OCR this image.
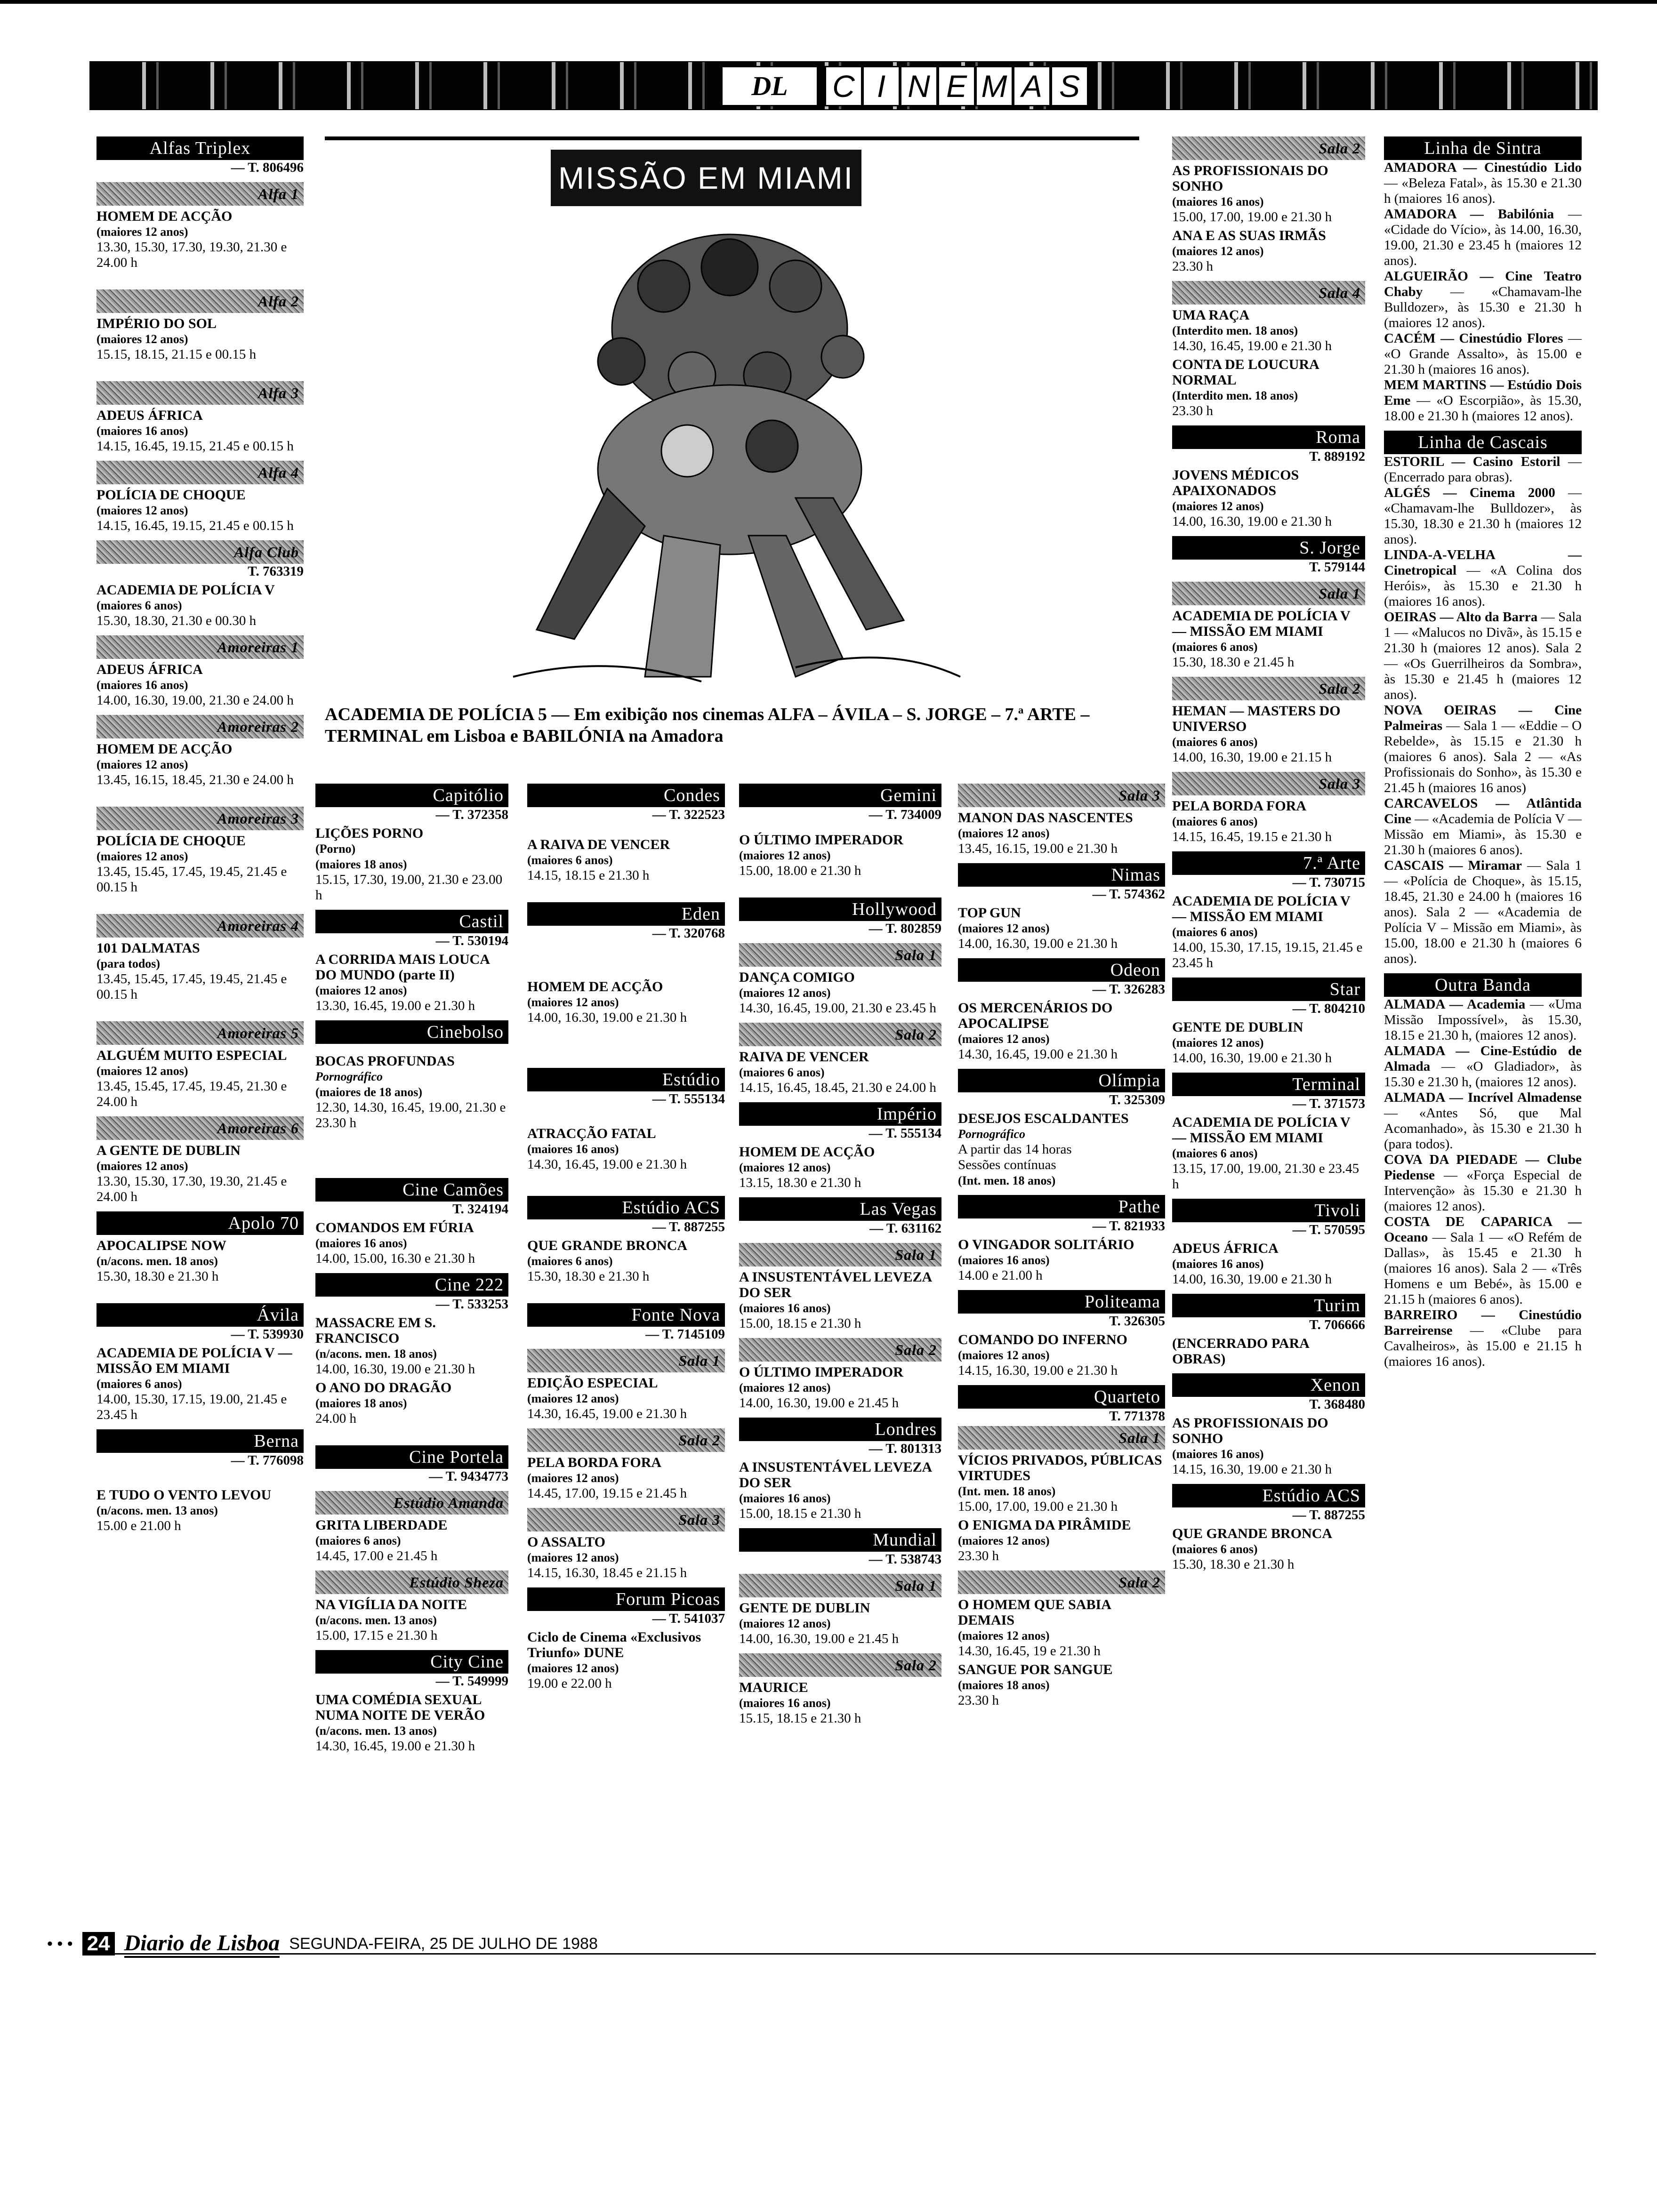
DL	C I N E M A S
Alfas Triplex
— T. 806496
Alfa 1
HOMEM DE ACÇÃO
(maiores 12 anos)
13.30, 15.30, 17.30, 19.30, 21.30 e 24.00 h
Alfa 2
IMPÉRIO DO SOL
(maiores 12 anos)
15.15, 18.15, 21.15 e 00.15 h
Alfa 3
ADEUS ÁFRICA
(maiores 16 anos)
14.15, 16.45, 19.15, 21.45 e 00.15 h
Alfa 4
POLÍCIA DE CHOQUE
(maiores 12 anos)
14.15, 16.45, 19.15, 21.45 e 00.15 h
Alfa Club
T. 763319
ACADEMIA DE POLÍCIA V
(maiores 6 anos)
15.30, 18.30, 21.30 e 00.30 h
Amoreiras 1
ADEUS ÁFRICA
(maiores 16 anos)
14.00, 16.30, 19.00, 21.30 e 24.00 h
Amoreiras 2
HOMEM DE ACÇÃO
(maiores 12 anos)
13.45, 16.15, 18.45, 21.30 e 24.00 h
Amoreiras 3
POLÍCIA DE CHOQUE
(maiores 12 anos)
13.45, 15.45, 17.45, 19.45, 21.45 e 00.15 h
Amoreiras 4
101 DALMATAS
(para todos)
13.45, 15.45, 17.45, 19.45, 21.45 e 00.15 h
Amoreiras 5
ALGUÉM MUITO ESPECIAL
(maiores 12 anos)
13.45, 15.45, 17.45, 19.45, 21.30 e 24.00 h
Amoreiras 6
A GENTE DE DUBLIN
(maiores 12 anos)
13.30, 15.30, 17.30, 19.30, 21.45 e 24.00 h
Apolo 70
APOCALIPSE NOW
(n/acons. men. 18 anos)
15.30, 18.30 e 21.30 h
Ávila
— T. 539930
ACADEMIA DE POLÍCIA V — MISSÃO EM MIAMI
(maiores 6 anos)
14.00, 15.30, 17.15, 19.00, 21.45 e 23.45 h
Berna
— T. 776098
E TUDO O VENTO LEVOU
(n/acons. men. 13 anos)
15.00 e 21.00 h
MISSÃO EM MIAMI
ACADEMIA DE POLÍCIA 5 — Em exibição nos cinemas ALFA – ÁVILA – S. JORGE – 7.ª ARTE – TERMINAL em Lisboa e BABILÓNIA na Amadora
Capitólio
— T. 372358
LIÇÕES PORNO
(Porno)
(maiores 18 anos)
15.15, 17.30, 19.00, 21.30 e 23.00 h
Castil
— T. 530194
A CORRIDA MAIS LOUCA DO MUNDO (parte II)
(maiores 12 anos)
13.30, 16.45, 19.00 e 21.30 h
Cinebolso
BOCAS PROFUNDAS
Pornográfico
(maiores de 18 anos)
12.30, 14.30, 16.45, 19.00, 21.30 e 23.30 h
Cine Camões
T. 324194
COMANDOS EM FÚRIA
(maiores 16 anos)
14.00, 15.00, 16.30 e 21.30 h
Cine 222
— T. 533253
MASSACRE EM S. FRANCISCO
(n/acons. men. 18 anos)
14.00, 16.30, 19.00 e 21.30 h
O ANO DO DRAGÃO
(maiores 18 anos)
24.00 h
Cine Portela
— T. 9434773
Estúdio Amanda
GRITA LIBERDADE
(maiores 6 anos)
14.45, 17.00 e 21.45 h
Estúdio Sheza
NA VIGÍLIA DA NOITE
(n/acons. men. 13 anos)
15.00, 17.15 e 21.30 h
City Cine
— T. 549999
UMA COMÉDIA SEXUAL NUMA NOITE DE VERÃO
(n/acons. men. 13 anos)
14.30, 16.45, 19.00 e 21.30 h
Condes
— T. 322523
A RAIVA DE VENCER
(maiores 6 anos)
14.15, 18.15 e 21.30 h
Eden
— T. 320768
HOMEM DE ACÇÃO
(maiores 12 anos)
14.00, 16.30, 19.00 e 21.30 h
Estúdio
— T. 555134
ATRACÇÃO FATAL
(maiores 16 anos)
14.30, 16.45, 19.00 e 21.30 h
Estúdio ACS
— T. 887255
QUE GRANDE BRONCA
(maiores 6 anos)
15.30, 18.30 e 21.30 h
Fonte Nova
— T. 7145109
Sala 1
EDIÇÃO ESPECIAL
(maiores 12 anos)
14.30, 16.45, 19.00 e 21.30 h
Sala 2
PELA BORDA FORA
(maiores 12 anos)
14.45, 17.00, 19.15 e 21.45 h
Sala 3
O ASSALTO
(maiores 12 anos)
14.15, 16.30, 18.45 e 21.15 h
Forum Picoas
— T. 541037
Ciclo de Cinema «Exclusivos Triunfo» DUNE
(maiores 12 anos)
19.00 e 22.00 h
Gemini
— T. 734009
O ÚLTIMO IMPERADOR
(maiores 12 anos)
15.00, 18.00 e 21.30 h
Hollywood
— T. 802859
Sala 1
DANÇA COMIGO
(maiores 12 anos)
14.30, 16.45, 19.00, 21.30 e 23.45 h
Sala 2
RAIVA DE VENCER
(maiores 6 anos)
14.15, 16.45, 18.45, 21.30 e 24.00 h
Império
— T. 555134
HOMEM DE ACÇÃO
(maiores 12 anos)
13.15, 18.30 e 21.30 h
Las Vegas
— T. 631162
Sala 1
A INSUSTENTÁVEL LEVEZA DO SER
(maiores 16 anos)
15.00, 18.15 e 21.30 h
Sala 2
O ÚLTIMO IMPERADOR
(maiores 12 anos)
14.00, 16.30, 19.00 e 21.45 h
Londres
— T. 801313
A INSUSTENTÁVEL LEVEZA DO SER
(maiores 16 anos)
15.00, 18.15 e 21.30 h
Mundial
— T. 538743
Sala 1
GENTE DE DUBLIN
(maiores 12 anos)
14.00, 16.30, 19.00 e 21.45 h
Sala 2
MAURICE
(maiores 16 anos)
15.15, 18.15 e 21.30 h
Sala 3
MANON DAS NASCENTES
(maiores 12 anos)
13.45, 16.15, 19.00 e 21.30 h
Nimas
— T. 574362
TOP GUN
(maiores 12 anos)
14.00, 16.30, 19.00 e 21.30 h
Odeon
— T. 326283
OS MERCENÁRIOS DO APOCALIPSE
(maiores 12 anos)
14.30, 16.45, 19.00 e 21.30 h
Olímpia
T. 325309
DESEJOS ESCALDANTES
Pornográfico
A partir das 14 horas
Sessões contínuas
(Int. men. 18 anos)
Pathe
— T. 821933
O VINGADOR SOLITÁRIO
(maiores 16 anos)
14.00 e 21.00 h
Politeama
T. 326305
COMANDO DO INFERNO
(maiores 12 anos)
14.15, 16.30, 19.00 e 21.30 h
Quarteto
T. 771378
Sala 1
VÍCIOS PRIVADOS, PÚBLICAS VIRTUDES
(Int. men. 18 anos)
15.00, 17.00, 19.00 e 21.30 h
O ENIGMA DA PIRÂMIDE
(maiores 12 anos)
23.30 h
Sala 2
O HOMEM QUE SABIA DEMAIS
(maiores 12 anos)
14.30, 16.45, 19 e 21.30 h
SANGUE POR SANGUE
(maiores 18 anos)
23.30 h
Sala 2
AS PROFISSIONAIS DO SONHO
(maiores 16 anos)
15.00, 17.00, 19.00 e 21.30 h
ANA E AS SUAS IRMÃS
(maiores 12 anos)
23.30 h
Sala 4
UMA RAÇA
(Interdito men. 18 anos)
14.30, 16.45, 19.00 e 21.30 h
CONTA DE LOUCURA NORMAL
(Interdito men. 18 anos)
23.30 h
Roma
T. 889192
JOVENS MÉDICOS APAIXONADOS
(maiores 12 anos)
14.00, 16.30, 19.00 e 21.30 h
S. Jorge
T. 579144
Sala 1
ACADEMIA DE POLÍCIA V — MISSÃO EM MIAMI
(maiores 6 anos)
15.30, 18.30 e 21.45 h
Sala 2
HEMAN — MASTERS DO UNIVERSO
(maiores 6 anos)
14.00, 16.30, 19.00 e 21.15 h
Sala 3
PELA BORDA FORA
(maiores 6 anos)
14.15, 16.45, 19.15 e 21.30 h
7.ª Arte
— T. 730715
ACADEMIA DE POLÍCIA V — MISSÃO EM MIAMI
(maiores 6 anos)
14.00, 15.30, 17.15, 19.15, 21.45 e 23.45 h
Star
— T. 804210
GENTE DE DUBLIN
(maiores 12 anos)
14.00, 16.30, 19.00 e 21.30 h
Terminal
— T. 371573
ACADEMIA DE POLÍCIA V — MISSÃO EM MIAMI
(maiores 6 anos)
13.15, 17.00, 19.00, 21.30 e 23.45 h
Tivoli
— T. 570595
ADEUS ÁFRICA
(maiores 16 anos)
14.00, 16.30, 19.00 e 21.30 h
Turim
T. 706666
(ENCERRADO PARA OBRAS)
Xenon
T. 368480
AS PROFISSIONAIS DO SONHO
(maiores 16 anos)
14.15, 16.30, 19.00 e 21.30 h
Estúdio ACS
— T. 887255
QUE GRANDE BRONCA
(maiores 6 anos)
15.30, 18.30 e 21.30 h
Linha de Sintra
AMADORA — Cinestúdio Lido — «Beleza Fatal», às 15.30 e 21.30 h (maiores 16 anos).
AMADORA — Babilónia — «Cidade do Vício», às 14.00, 16.30, 19.00, 21.30 e 23.45 h (maiores 12 anos).
ALGUEIRÃO — Cine Teatro Chaby — «Chamavam-lhe Bulldozer», às 15.30 e 21.30 h (maiores 12 anos).
CACÉM — Cinestúdio Flores — «O Grande Assalto», às 15.00 e 21.30 h (maiores 16 anos).
MEM MARTINS — Estúdio Dois Eme — «O Escorpião», às 15.30, 18.00 e 21.30 h (maiores 12 anos).
Linha de Cascais
ESTORIL — Casino Estoril — (Encerrado para obras).
ALGÉS — Cinema 2000 — «Chamavam-lhe Bulldozer», às 15.30, 18.30 e 21.30 h (maiores 12 anos).
LINDA-A-VELHA — Cinetropical — «A Colina dos Heróis», às 15.30 e 21.30 h (maiores 16 anos).
OEIRAS — Alto da Barra — Sala 1 — «Malucos no Divã», às 15.15 e 21.30 h (maiores 12 anos). Sala 2 — «Os Guerrilheiros da Sombra», às 15.30 e 21.45 h (maiores 12 anos).
NOVA OEIRAS — Cine Palmeiras — Sala 1 — «Eddie – O Rebelde», às 15.15 e 21.30 h (maiores 6 anos). Sala 2 — «As Profissionais do Sonho», às 15.30 e 21.45 h (maiores 16 anos)
CARCAVELOS — Atlântida Cine — «Academia de Polícia V — Missão em Miami», às 15.30 e 21.30 h (maiores 6 anos).
CASCAIS — Miramar — Sala 1 — «Polícia de Choque», às 15.15, 18.45, 21.30 e 24.00 h (maiores 16 anos). Sala 2 — «Academia de Polícia V – Missão em Miami», às 15.00, 18.00 e 21.30 h (maiores 6 anos).
Outra Banda
ALMADA — Academia — «Uma Missão Impossível», às 15.30, 18.15 e 21.30 h, (maiores 12 anos).
ALMADA — Cine-Estúdio de Almada — «O Gladiador», às 15.30 e 21.30 h, (maiores 12 anos).
ALMADA — Incrível Almadense — «Antes Só, que Mal Acomanhado», às 15.30 e 21.30 h (para todos).
COVA DA PIEDADE — Clube Piedense — «Força Especial de Intervenção» às 15.30 e 21.30 h (maiores 12 anos).
COSTA DE CAPARICA — Oceano — Sala 1 — «O Refém de Dallas», às 15.45 e 21.30 h (maiores 16 anos). Sala 2 — «Três Homens e um Bebé», às 15.00 e 21.15 h (maiores 6 anos).
BARREIRO — Cinestúdio Barreirense — «Clube para Cavalheiros», às 15.00 e 21.15 h (maiores 16 anos).
• • • 24 Diario de Lisboa SEGUNDA-FEIRA, 25 DE JULHO DE 1988
